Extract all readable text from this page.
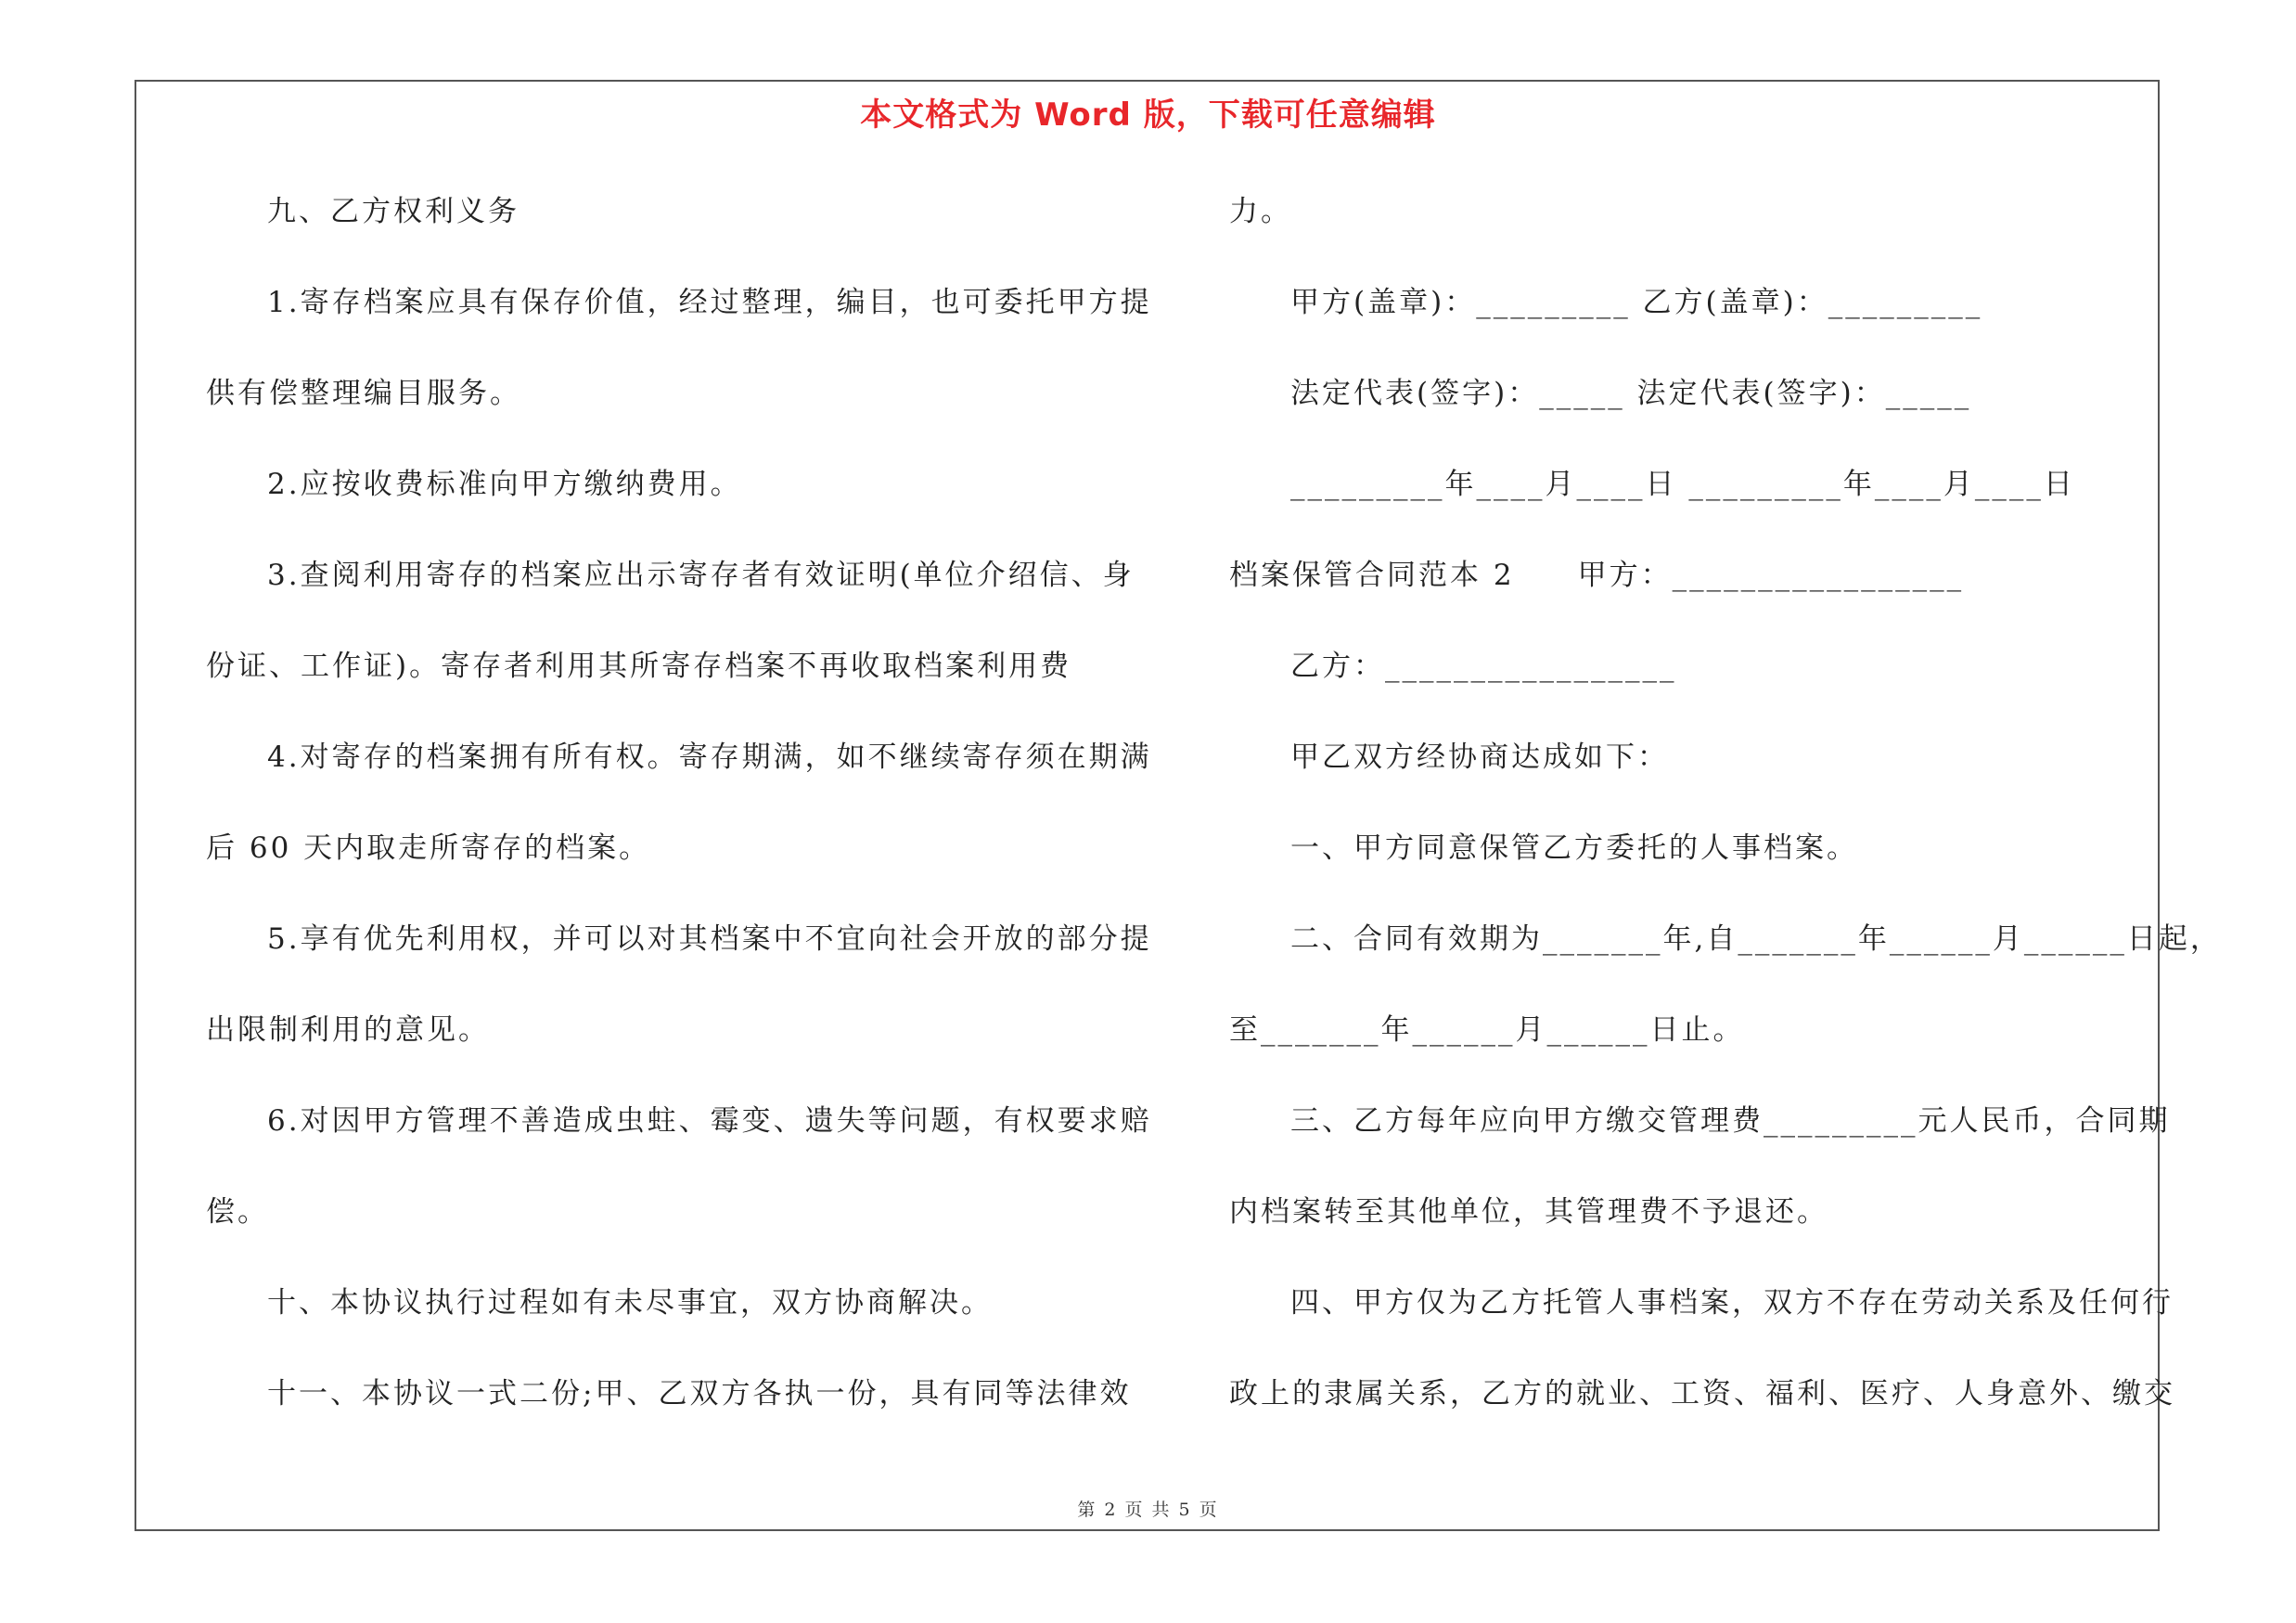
本文格式为 Word 版，下载可任意编辑
九、乙方权利义务
1.寄存档案应具有保存价值，经过整理，编目，也可委托甲方提
供有偿整理编目服务。
2.应按收费标准向甲方缴纳费用。
3.查阅利用寄存的档案应出示寄存者有效证明(单位介绍信、身
份证、工作证)。寄存者利用其所寄存档案不再收取档案利用费
4.对寄存的档案拥有所有权。寄存期满，如不继续寄存须在期满
后 60 天内取走所寄存的档案。
5.享有优先利用权，并可以对其档案中不宜向社会开放的部分提
出限制利用的意见。
6.对因甲方管理不善造成虫蛀、霉变、遗失等问题，有权要求赔
偿。
十、本协议执行过程如有未尽事宜，双方协商解决。
十一、本协议一式二份;甲、乙双方各执一份，具有同等法律效
力。
甲方(盖章)：_________ 乙方(盖章)：_________
法定代表(签字)：_____ 法定代表(签字)：_____
_________年____月____日 _________年____月____日
档案保管合同范本 2　　甲方：_________________
乙方：_________________
甲乙双方经协商达成如下：
一、甲方同意保管乙方委托的人事档案。
二、合同有效期为_______年,自_______年______月______日起，
至_______年______月______日止。
三、乙方每年应向甲方缴交管理费_________元人民币，合同期
内档案转至其他单位，其管理费不予退还。
四、甲方仅为乙方托管人事档案，双方不存在劳动关系及任何行
政上的隶属关系，乙方的就业、工资、福利、医疗、人身意外、缴交
第 2 页 共 5 页
